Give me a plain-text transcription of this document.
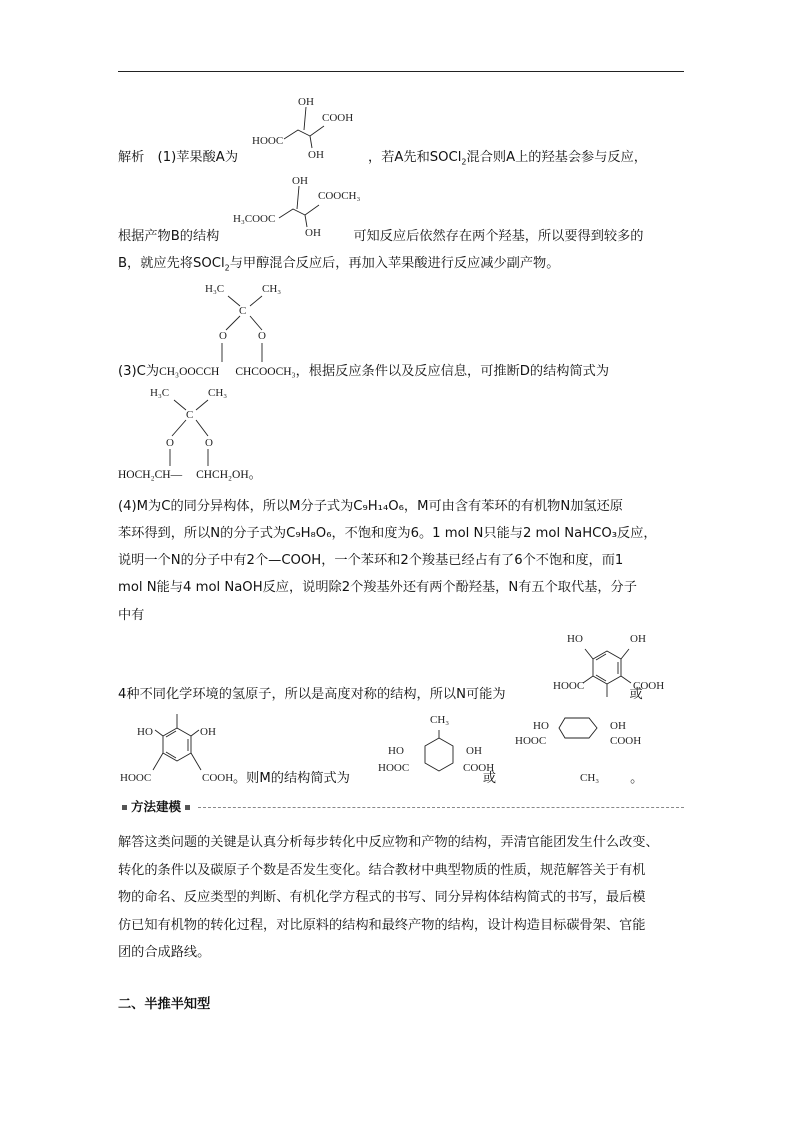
OH
COOH
HOOC
OH
解析　(1)苹果酸A为	，若A先和SOCl$_2$混合则A上的羟基会参与反应，
OH
COOCH₃
H₃COOC
OH
根据产物B的结构	可知反应后依然存在两个羟基，所以要得到较多的
B，就应先将SOCl$_2$与甲醇混合反应后，再加入苹果酸进行反应减少副产物。
H₃C	CH₃
C
O	O
(3)C为CH₃OOCCH CHCOOCH₃，根据反应条件以及反应信息，可推断D的结构简式为
H₃C	CH₃
C
O	O
HOCH₂CH— CHCH₂OH。
(4)M为C的同分异构体，所以M分子式为C₉H₁₄O₆，M可由含有苯环的有机物N加氢还原
苯环得到，所以N的分子式为C₉H₈O₆，不饱和度为6。1 mol N只能与2 mol NaHCO₃反应，
说明一个N的分子中有2个—COOH，一个苯环和2个羧基已经占有了6个不饱和度，而1
mol N能与4 mol NaOH反应，说明除2个羧基外还有两个酚羟基，N有五个取代基，分子
中有
HO	OH
HOOC	COOH
4种不同化学环境的氢原子，所以是高度对称的结构，所以N可能为	或
HO	OH
HOOC	COOH
CH₃
HO	OH
HOOC	COOH
HO	OH
HOOC	COOH
CH₃
。则M的结构简式为	或	。
方法建模
解答这类问题的关键是认真分析每步转化中反应物和产物的结构，弄清官能团发生什么改变、
转化的条件以及碳原子个数是否发生变化。结合教材中典型物质的性质，规范解答关于有机
物的命名、反应类型的判断、有机化学方程式的书写、同分异构体结构简式的书写，最后模
仿已知有机物的转化过程，对比原料的结构和最终产物的结构，设计构造目标碳骨架、官能
团的合成路线。
二、半推半知型
